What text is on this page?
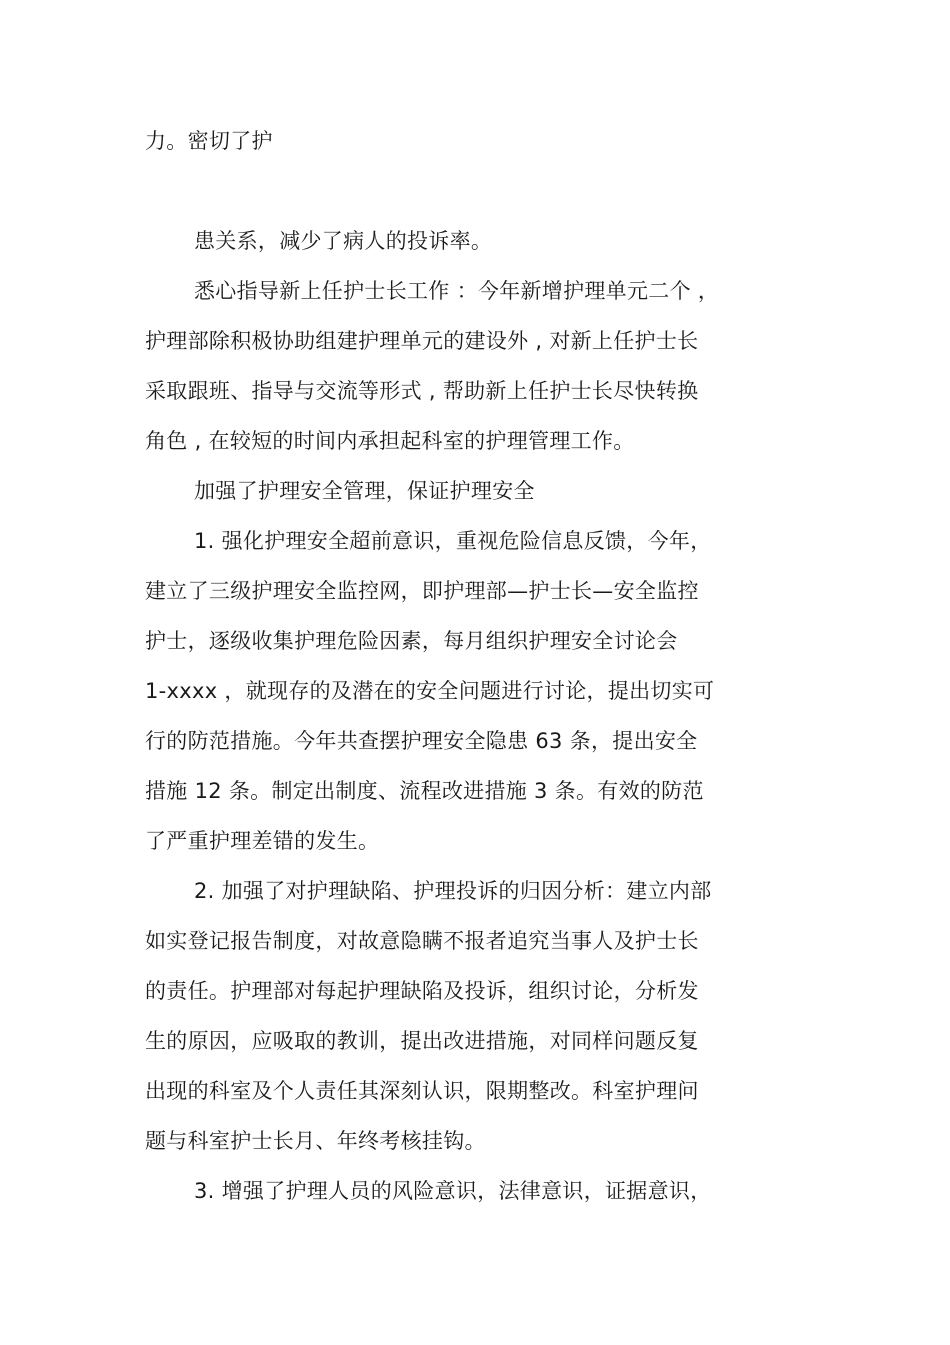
力。密切了护
患关系，减少了病人的投诉率。
悉心指导新上任护士长工作 ：今年新增护理单元二个 ，
护理部除积极协助组建护理单元的建设外 , 对新上任护士长
采取跟班、指导与交流等形式 , 帮助新上任护士长尽快转换
角色 , 在较短的时间内承担起科室的护理管理工作。
加强了护理安全管理，保证护理安全
1. 强化护理安全超前意识，重视危险信息反馈，今年，
建立了三级护理安全监控网，即护理部—护士长—安全监控
护士，逐级收集护理危险因素，每月组织护理安全讨论会
1-xxxx ，就现存的及潜在的安全问题进行讨论，提出切实可
行的防范措施。今年共查摆护理安全隐患 63 条，提出安全
措施 12 条。制定出制度、流程改进措施 3 条。有效的防范
了严重护理差错的发生。
2. 加强了对护理缺陷、护理投诉的归因分析：建立内部
如实登记报告制度，对故意隐瞒不报者追究当事人及护士长
的责任。护理部对每起护理缺陷及投诉，组织讨论，分析发
生的原因，应吸取的教训，提出改进措施，对同样问题反复
出现的科室及个人责任其深刻认识，限期整改。科室护理问
题与科室护士长月、年终考核挂钩。
3. 增强了护理人员的风险意识，法律意识，证据意识，
